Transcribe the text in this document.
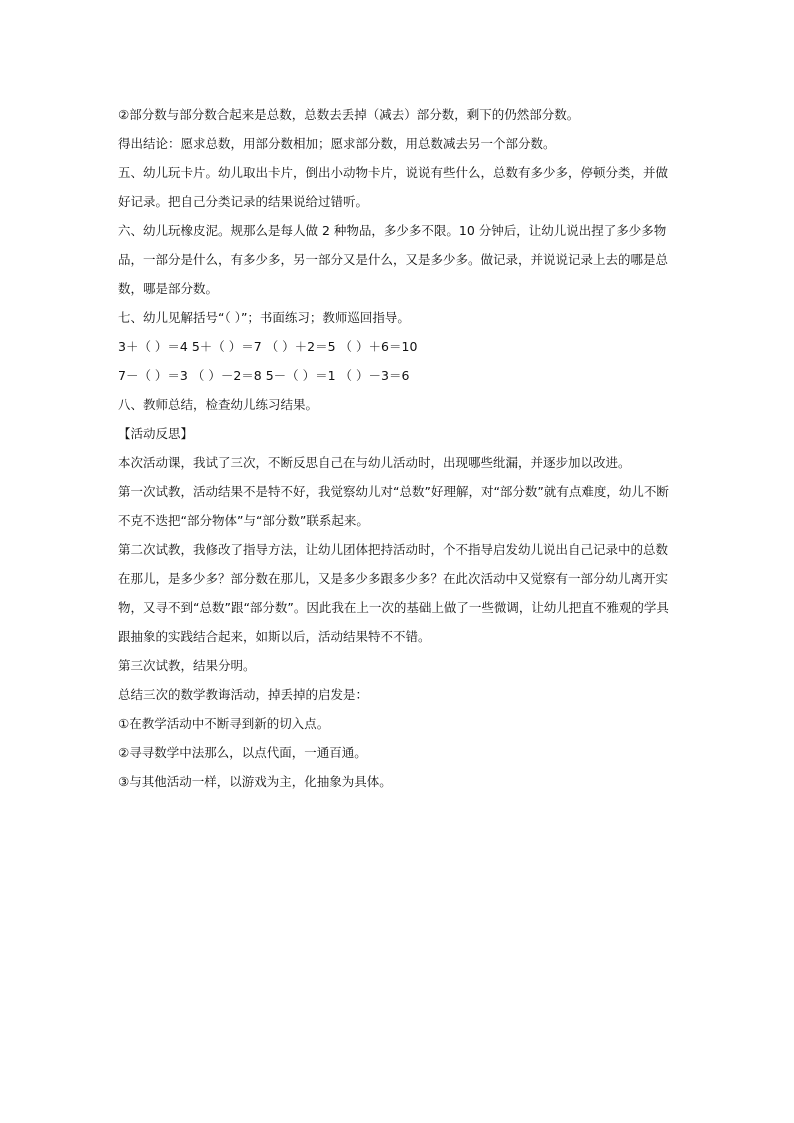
②部分数与部分数合起来是总数，总数去丢掉（减去）部分数，剩下的仍然部分数。

得出结论：愿求总数，用部分数相加；愿求部分数，用总数减去另一个部分数。

五、幼儿玩卡片。幼儿取出卡片，倒出小动物卡片，说说有些什么，总数有多少多，停顿分类，并做好记录。把自己分类记录的结果说给过错听。

六、幼儿玩橡皮泥。规那么是每人做 2 种物品，多少多不限。10 分钟后，让幼儿说出捏了多少多物品，一部分是什么，有多少多，另一部分又是什么，又是多少多。做记录，并说说记录上去的哪是总数，哪是部分数。

七、幼儿见解括号“（ ）”；书面练习；教师巡回指导。

3＋（ ）＝4 5＋（ ）＝7 （ ）＋2＝5 （ ）＋6＝10

7－（ ）＝3 （ ）－2＝8 5－（ ）＝1 （ ）－3＝6

八、教师总结，检查幼儿练习结果。

【活动反思】

本次活动课，我试了三次，不断反思自己在与幼儿活动时，出现哪些纰漏，并逐步加以改进。

第一次试教，活动结果不是特不好，我觉察幼儿对“总数”好理解，对“部分数”就有点难度，幼儿不断不克不迭把“部分物体”与“部分数”联系起来。

第二次试教，我修改了指导方法，让幼儿团体把持活动时，个不指导启发幼儿说出自己记录中的总数在那儿，是多少多？部分数在那儿，又是多少多跟多少多？在此次活动中又觉察有一部分幼儿离开实物，又寻不到“总数”跟“部分数”。因此我在上一次的基础上做了一些微调，让幼儿把直不雅观的学具跟抽象的实践结合起来，如斯以后，活动结果特不不错。

第三次试教，结果分明。

总结三次的数学教诲活动，掉丢掉的启发是：

①在教学活动中不断寻到新的切入点。

②寻寻数学中法那么，以点代面，一通百通。

③与其他活动一样，以游戏为主，化抽象为具体。
